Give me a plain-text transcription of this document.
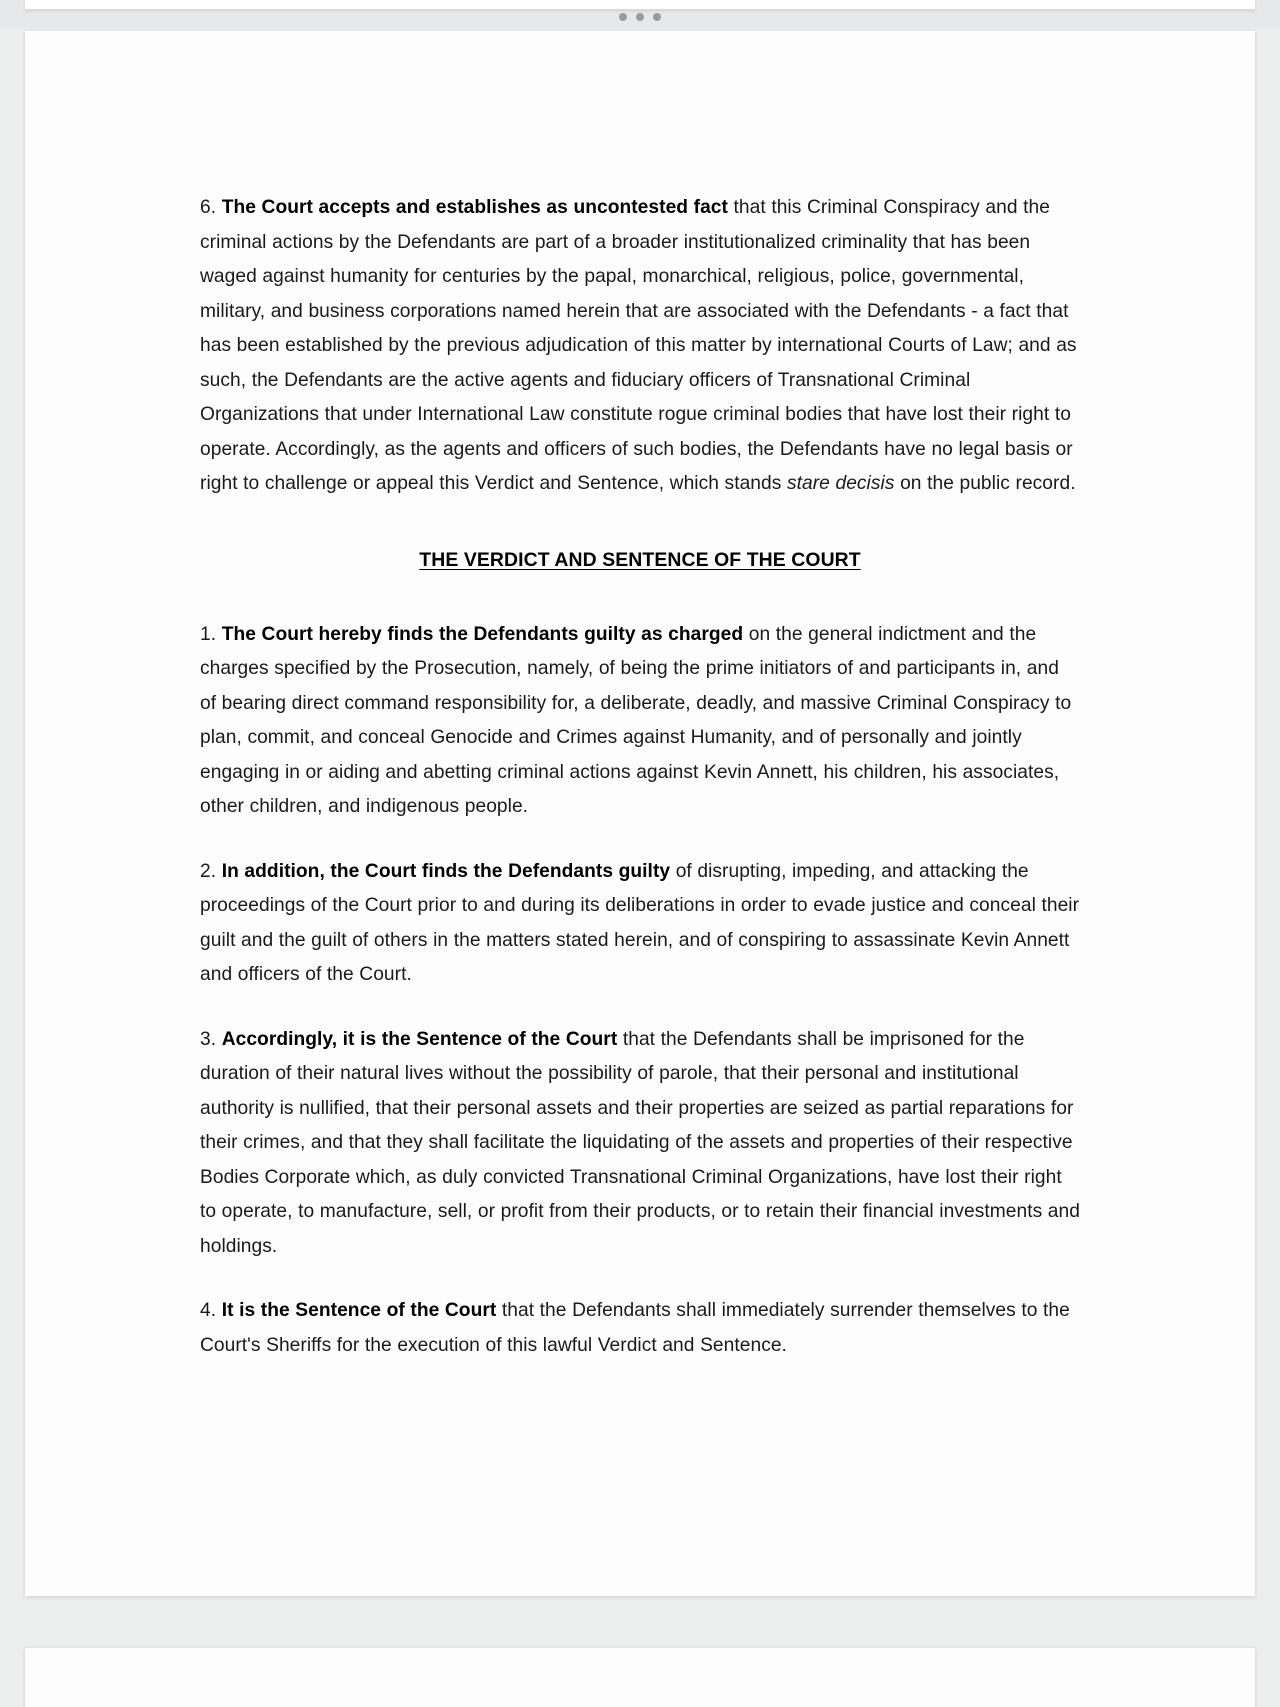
6. The Court accepts and establishes as uncontested fact that this Criminal Conspiracy and the criminal actions by the Defendants are part of a broader institutionalized criminality that has been waged against humanity for centuries by the papal, monarchical, religious, police, governmental, military, and business corporations named herein that are associated with the Defendants - a fact that has been established by the previous adjudication of this matter by international Courts of Law; and as such, the Defendants are the active agents and fiduciary officers of Transnational Criminal Organizations that under International Law constitute rogue criminal bodies that have lost their right to operate. Accordingly, as the agents and officers of such bodies, the Defendants have no legal basis or right to challenge or appeal this Verdict and Sentence, which stands stare decisis on the public record.

THE VERDICT AND SENTENCE OF THE COURT

1. The Court hereby finds the Defendants guilty as charged on the general indictment and the charges specified by the Prosecution, namely, of being the prime initiators of and participants in, and of bearing direct command responsibility for, a deliberate, deadly, and massive Criminal Conspiracy to plan, commit, and conceal Genocide and Crimes against Humanity, and of personally and jointly engaging in or aiding and abetting criminal actions against Kevin Annett, his children, his associates, other children, and indigenous people.

2. In addition, the Court finds the Defendants guilty of disrupting, impeding, and attacking the proceedings of the Court prior to and during its deliberations in order to evade justice and conceal their guilt and the guilt of others in the matters stated herein, and of conspiring to assassinate Kevin Annett and officers of the Court.

3. Accordingly, it is the Sentence of the Court that the Defendants shall be imprisoned for the duration of their natural lives without the possibility of parole, that their personal and institutional authority is nullified, that their personal assets and their properties are seized as partial reparations for their crimes, and that they shall facilitate the liquidating of the assets and properties of their respective Bodies Corporate which, as duly convicted Transnational Criminal Organizations, have lost their right to operate, to manufacture, sell, or profit from their products, or to retain their financial investments and holdings.

4. It is the Sentence of the Court that the Defendants shall immediately surrender themselves to the Court's Sheriffs for the execution of this lawful Verdict and Sentence.
